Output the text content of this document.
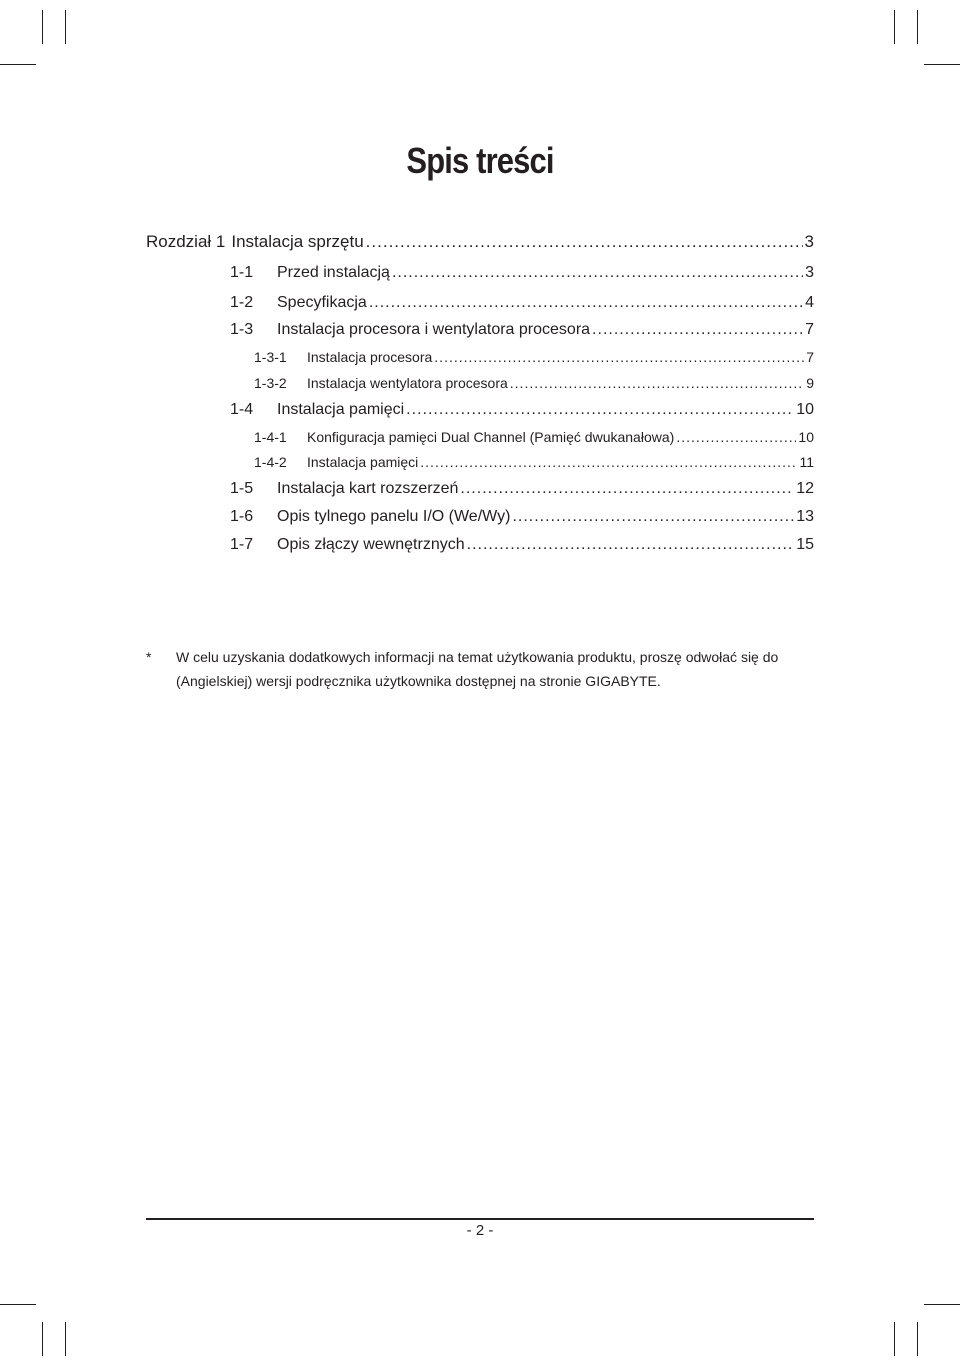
Spis treści
Rozdział 1 Instalacja sprzętu .....	3
1-1	Przed instalacją .....	3
1-2	Specyfikacja .....	4
1-3	Instalacja procesora i wentylatora procesora .....	7
1-3-1	Instalacja procesora .....	7
1-3-2	Instalacja wentylatora procesora .....	9
1-4	Instalacja pamięci .....	10
1-4-1	Konfiguracja pamięci Dual Channel (Pamięć dwukanałowa) .....	10
1-4-2	Instalacja pamięci .....	11
1-5	Instalacja kart rozszerzeń .....	12
1-6	Opis tylnego panelu I/O (We/Wy) .....	13
1-7	Opis złączy wewnętrznych .....	15
* W celu uzyskania dodatkowych informacji na temat użytkowania produktu, proszę odwołać się do
(Angielskiej) wersji podręcznika użytkownika dostępnej na stronie GIGABYTE.
- 2 -
